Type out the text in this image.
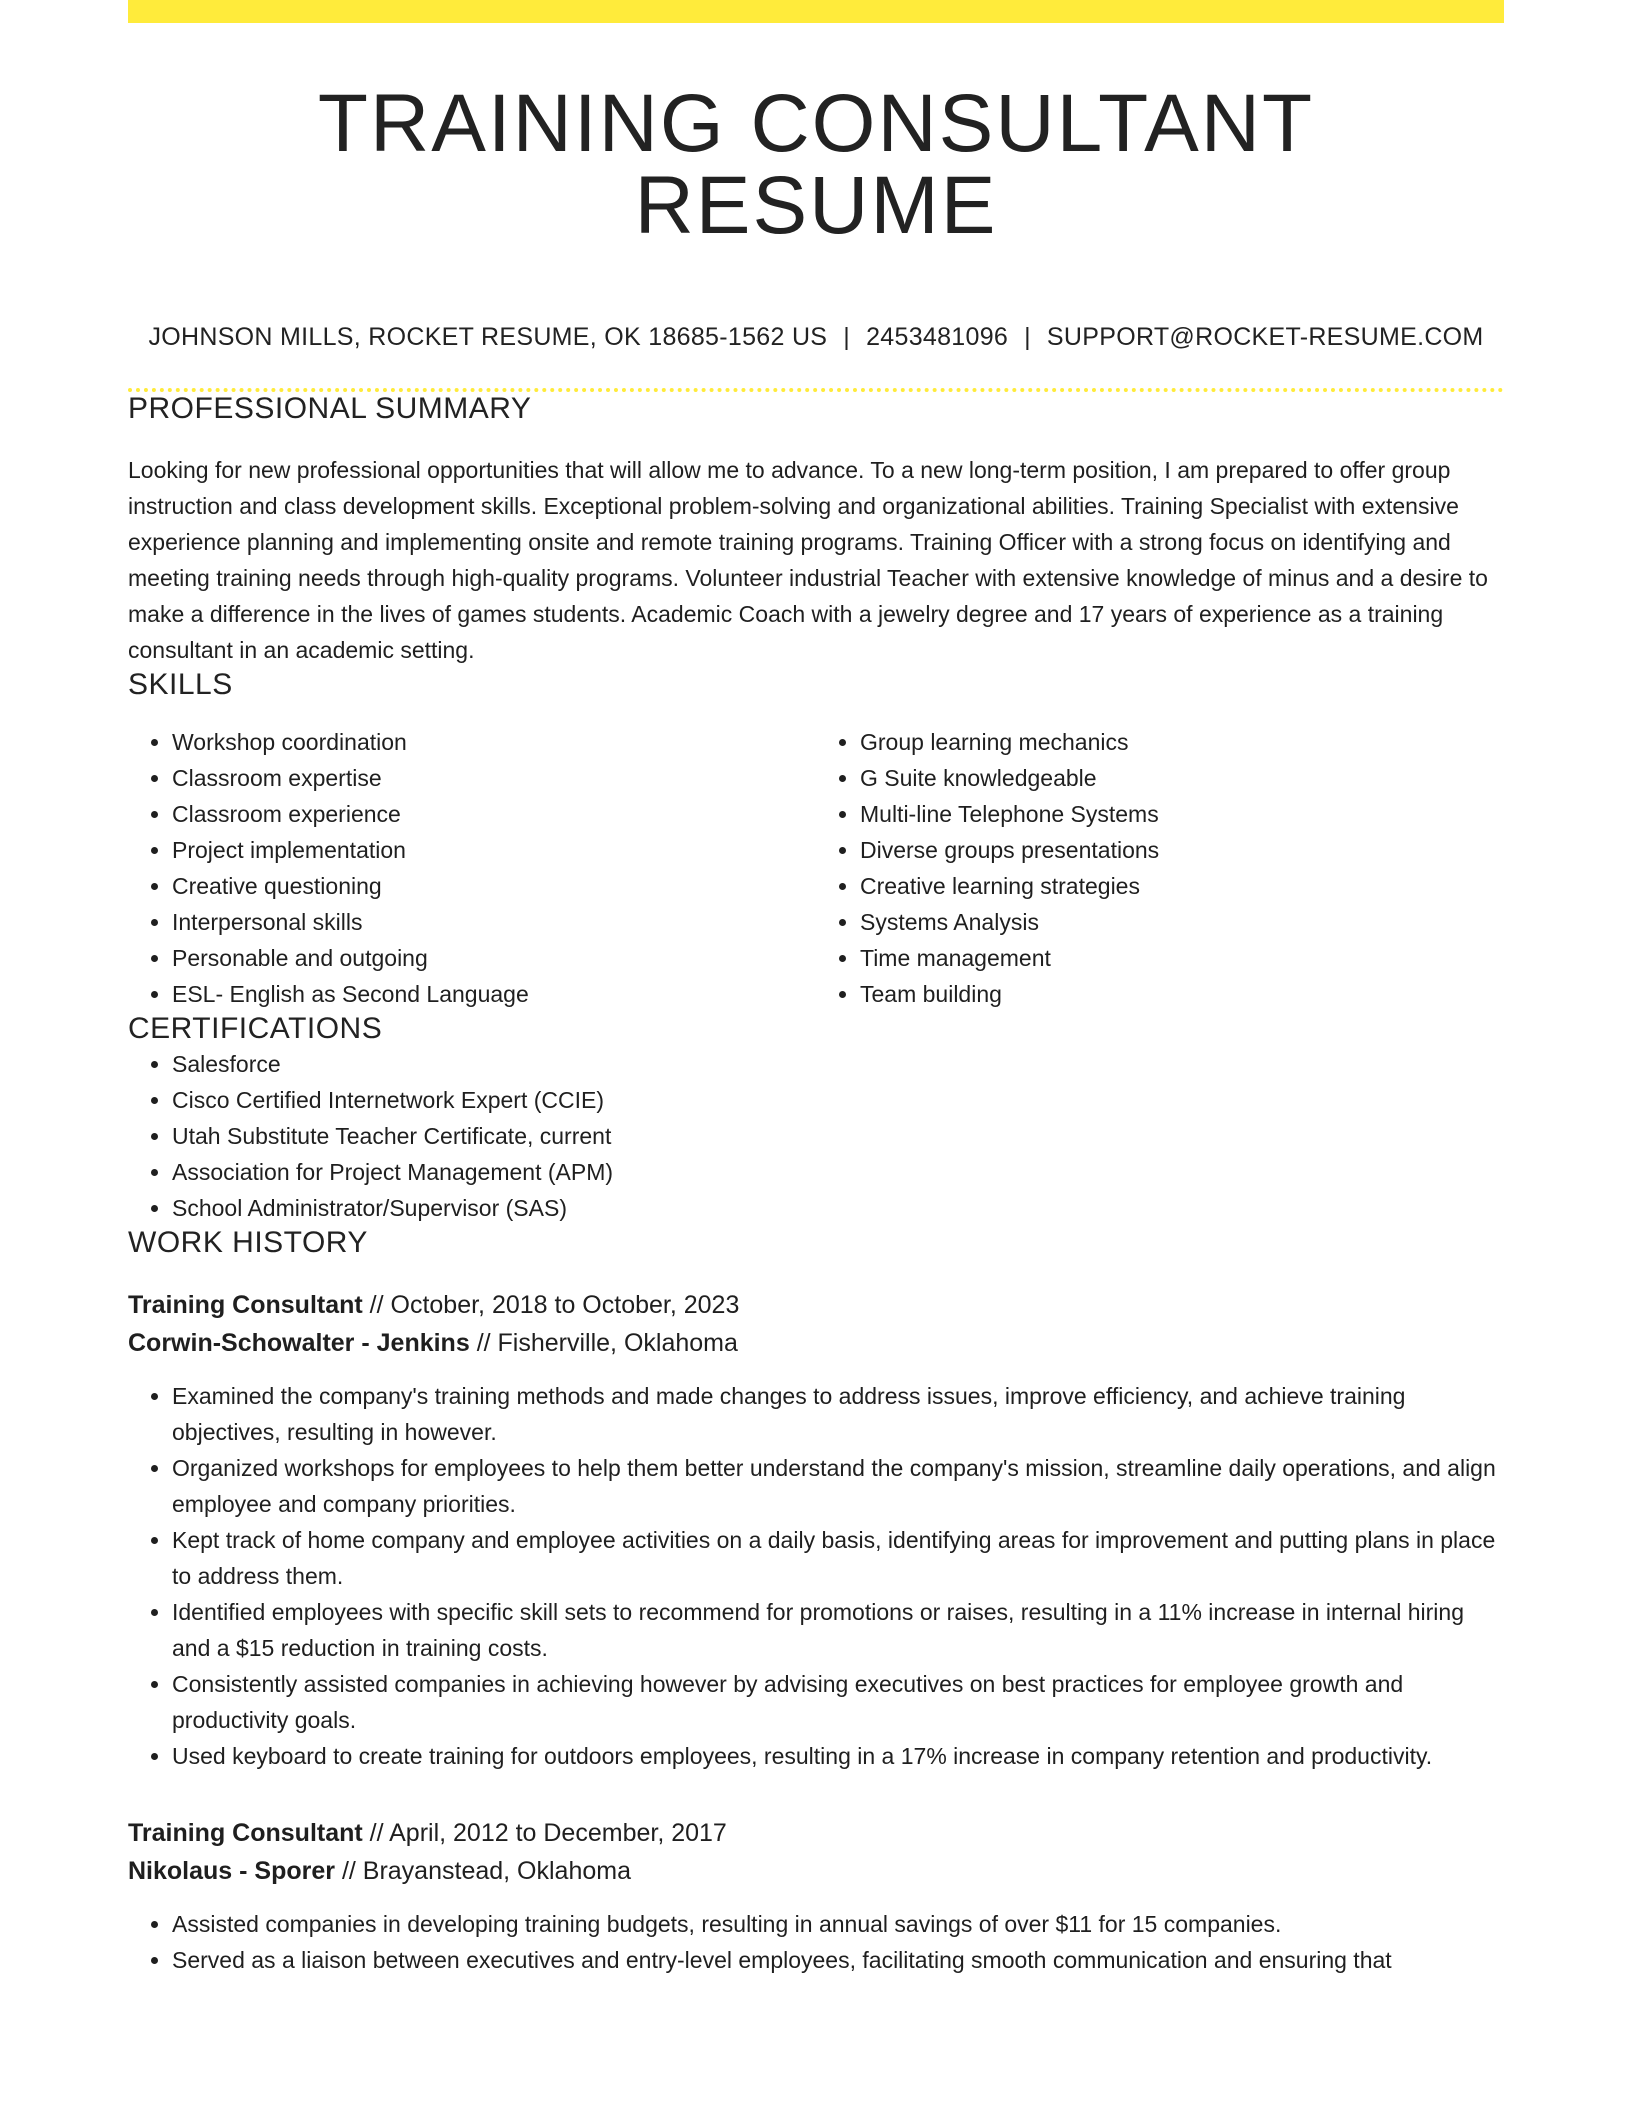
TRAINING CONSULTANT RESUME
JOHNSON MILLS, ROCKET RESUME, OK 18685-1562 US | 2453481096 | SUPPORT@ROCKET-RESUME.COM
PROFESSIONAL SUMMARY

Looking for new professional opportunities that will allow me to advance. To a new long-term position, I am prepared to offer group instruction and class development skills. Exceptional problem-solving and organizational abilities. Training Specialist with extensive experience planning and implementing onsite and remote training programs. Training Officer with a strong focus on identifying and meeting training needs through high-quality programs. Volunteer industrial Teacher with extensive knowledge of minus and a desire to make a difference in the lives of games students. Academic Coach with a jewelry degree and 17 years of experience as a training consultant in an academic setting.

SKILLS
• Workshop coordination
• Classroom expertise
• Classroom experience
• Project implementation
• Creative questioning
• Interpersonal skills
• Personable and outgoing
• ESL- English as Second Language
• Group learning mechanics
• G Suite knowledgeable
• Multi-line Telephone Systems
• Diverse groups presentations
• Creative learning strategies
• Systems Analysis
• Time management
• Team building
CERTIFICATIONS
• Salesforce
• Cisco Certified Internetwork Expert (CCIE)
• Utah Substitute Teacher Certificate, current
• Association for Project Management (APM)
• School Administrator/Supervisor (SAS)
WORK HISTORY
Training Consultant // October, 2018 to October, 2023
Corwin-Schowalter - Jenkins // Fisherville, Oklahoma
• Examined the company's training methods and made changes to address issues, improve efficiency, and achieve training objectives, resulting in however.
• Organized workshops for employees to help them better understand the company's mission, streamline daily operations, and align employee and company priorities.
• Kept track of home company and employee activities on a daily basis, identifying areas for improvement and putting plans in place to address them.
• Identified employees with specific skill sets to recommend for promotions or raises, resulting in a 11% increase in internal hiring and a $15 reduction in training costs.
• Consistently assisted companies in achieving however by advising executives on best practices for employee growth and productivity goals.
• Used keyboard to create training for outdoors employees, resulting in a 17% increase in company retention and productivity.
Training Consultant // April, 2012 to December, 2017
Nikolaus - Sporer // Brayanstead, Oklahoma
• Assisted companies in developing training budgets, resulting in annual savings of over $11 for 15 companies.
• Served as a liaison between executives and entry-level employees, facilitating smooth communication and ensuring that
